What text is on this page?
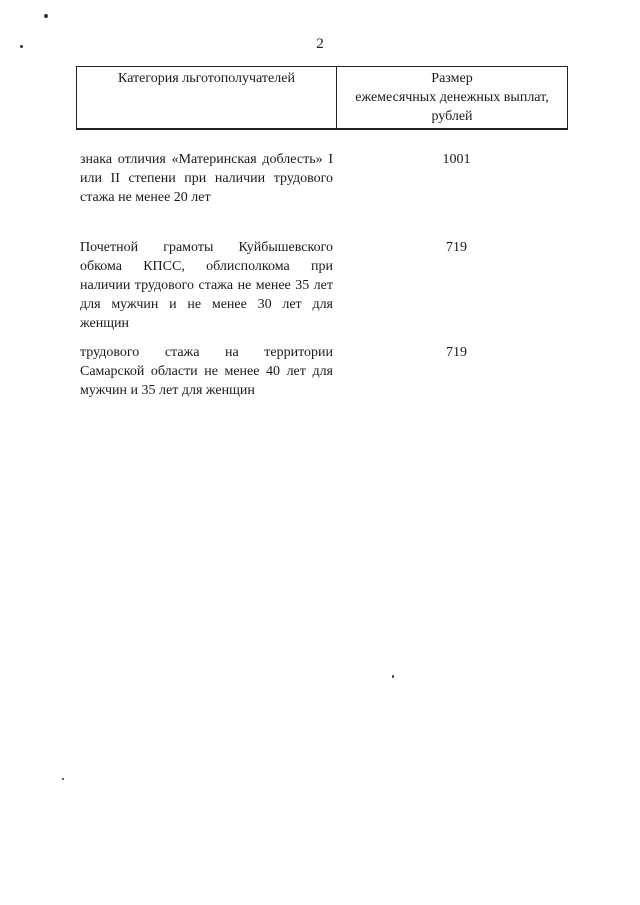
2
Категория льготополучателей	Размер
ежемесячных денежных выплат,
рублей
знака отличия «Материнская доблесть» I или II степени при наличии трудового стажа не менее 20 лет
1001
Почетной грамоты Куйбышевского обкома КПСС, облисполкома при наличии трудового стажа не менее 35 лет для мужчин и не менее 30 лет для женщин
719
трудового стажа на территории Самарской области не менее 40 лет для мужчин и 35 лет для женщин
719
